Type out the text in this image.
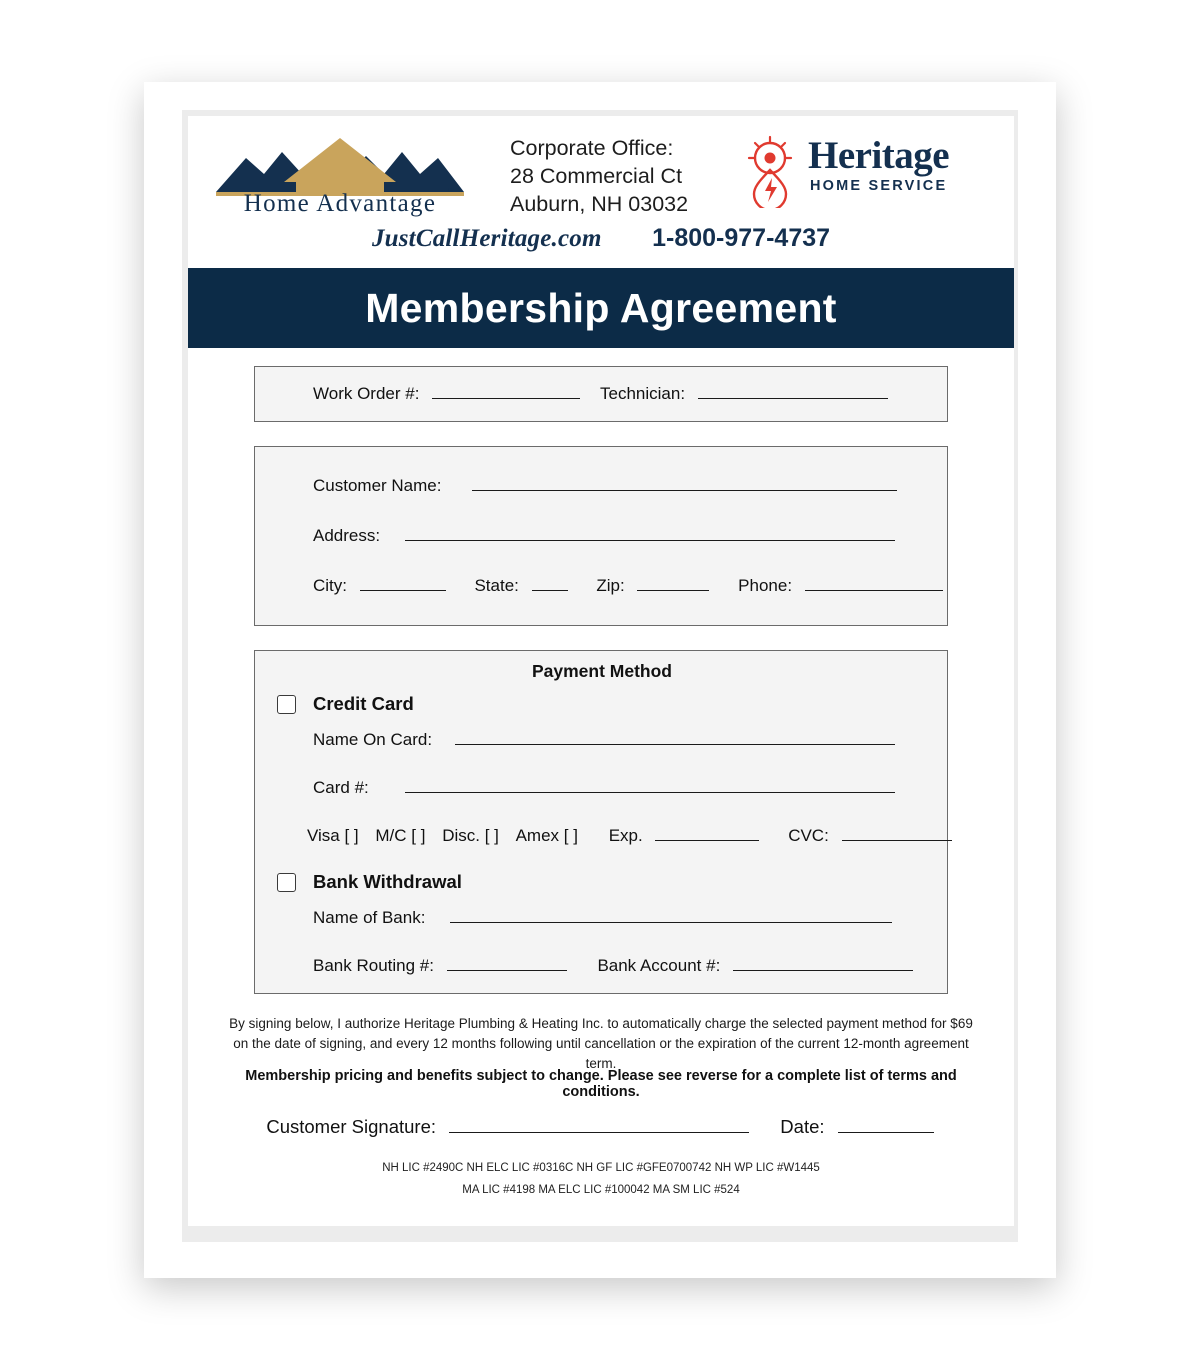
Home Advantage	™
Corporate Office:
28 Commercial Ct
Auburn, NH 03032
Heritage
HOME SERVICE
JustCallHeritage.com 1-800-977-4737
Membership Agreement
Work Order #:	Technician:
Customer Name:
Address:
City:	State:	Zip:	Phone:
Payment Method
Credit Card
Name On Card:
Card #:
Visa [ ] M/C [ ] Disc. [ ] Amex [ ] Exp.	CVC:
Bank Withdrawal
Name of Bank:
Bank Routing #:	Bank Account #:
By signing below, I authorize Heritage Plumbing & Heating Inc. to automatically charge the selected payment method for $69 on the date of signing, and every 12 months following until cancellation or the expiration of the current 12-month agreement term.
Membership pricing and benefits subject to change. Please see reverse for a complete list of terms and conditions.
Customer Signature:	Date:
NH LIC #2490C NH ELC LIC #0316C NH GF LIC #GFE0700742 NH WP LIC #W1445
MA LIC #4198 MA ELC LIC #100042 MA SM LIC #524
